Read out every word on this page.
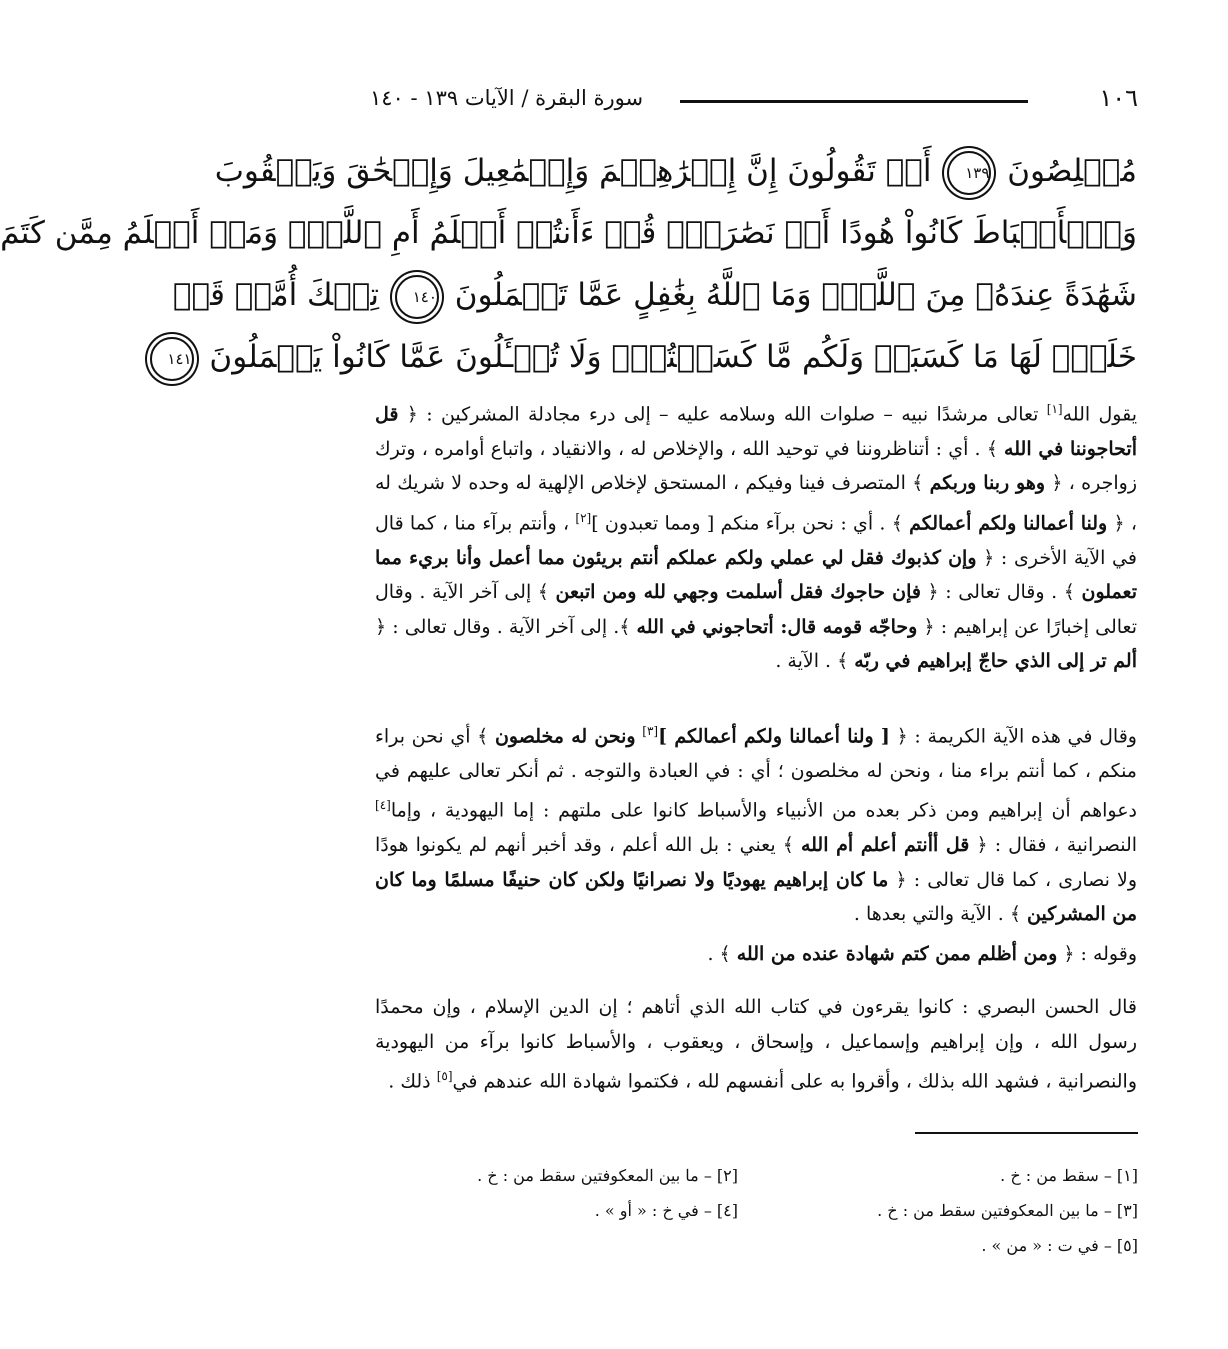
١٠٦
سورة البقرة / الآيات ١٣٩ - ١٤٠
مُخۡلِصُونَ ١٣٩ أَمۡ تَقُولُونَ إِنَّ إِبۡرَٰهِـۧمَ وَإِسۡمَٰعِيلَ وَإِسۡحَٰقَ وَيَعۡقُوبَ
وَٱلۡأَسۡبَاطَ كَانُواْ هُودًا أَوۡ نَصَٰرَىٰۗ قُلۡ ءَأَنتُمۡ أَعۡلَمُ أَمِ ٱللَّهُۗ وَمَنۡ أَظۡلَمُ مِمَّن كَتَمَ
شَهَٰدَةً عِندَهُۥ مِنَ ٱللَّهِۗ وَمَا ٱللَّهُ بِغَٰفِلٍ عَمَّا تَعۡمَلُونَ ١٤٠ تِلۡكَ أُمَّةٞ قَدۡ
خَلَتۡۖ لَهَا مَا كَسَبَتۡ وَلَكُم مَّا كَسَبۡتُمۡۖ وَلَا تُسۡـَٔلُونَ عَمَّا كَانُواْ يَعۡمَلُونَ ١٤١

يقول الله[١] تعالى مرشدًا نبيه – صلوات الله وسلامه عليه – إلى درء مجادلة المشركين : ﴿ قل أتحاجوننا في الله ﴾ . أي : أتناظروننا في توحيد الله ، والإخلاص له ، والانقياد ، واتباع أوامره ، وترك زواجره ، ﴿ وهو ربنا وربكم ﴾ المتصرف فينا وفيكم ، المستحق لإخلاص الإلهية له وحده لا شريك له ، ﴿ ولنا أعمالنا ولكم أعمالكم ﴾ . أي : نحن برآء منكم [ ومما تعبدون ][٢] ، وأنتم برآء منا ، كما قال في الآية الأخرى : ﴿ وإن كذبوك فقل لي عملي ولكم عملكم أنتم بريئون مما أعمل وأنا بريء مما تعملون ﴾ . وقال تعالى : ﴿ فإن حاجوك فقل أسلمت وجهي لله ومن اتبعن ﴾ إلى آخر الآية . وقال تعالى إخبارًا عن إبراهيم : ﴿ وحاجّه قومه قال: أتحاجوني في الله ﴾. إلى آخر الآية . وقال تعالى : ﴿ ألم تر إلى الذي حاجّ إبراهيم في ربّه ﴾ . الآية .

وقال في هذه الآية الكريمة : ﴿ [ ولنا أعمالنا ولكم أعمالكم ][٣] ونحن له مخلصون ﴾ أي نحن براء منكم ، كما أنتم براء منا ، ونحن له مخلصون ؛ أي : في العبادة والتوجه . ثم أنكر تعالى عليهم في دعواهم أن إبراهيم ومن ذكر بعده من الأنبياء والأسباط كانوا على ملتهم : إما اليهودية ، وإما[٤] النصرانية ، فقال : ﴿ قل أأنتم أعلم أم الله ﴾ يعني : بل الله أعلم ، وقد أخبر أنهم لم يكونوا هودًا ولا نصارى ، كما قال تعالى : ﴿ ما كان إبراهيم يهوديًا ولا نصرانيًا ولكن كان حنيفًا مسلمًا وما كان من المشركين ﴾ . الآية والتي بعدها .

وقوله : ﴿ ومن أظلم ممن كتم شهادة عنده من الله ﴾ .

قال الحسن البصري : كانوا يقرءون في كتاب الله الذي أتاهم ؛ إن الدين الإسلام ، وإن محمدًا رسول الله ، وإن إبراهيم وإسماعيل ، وإسحاق ، ويعقوب ، والأسباط كانوا برآء من اليهودية والنصرانية ، فشهد الله بذلك ، وأقروا به على أنفسهم لله ، فكتموا شهادة الله عندهم في[٥] ذلك .

[١] – سقط من : خ .
[٢] – ما بين المعكوفتين سقط من : خ .
[٣] – ما بين المعكوفتين سقط من : خ .
[٤] – في خ : « أو » .
[٥] – في ت : « من » .
